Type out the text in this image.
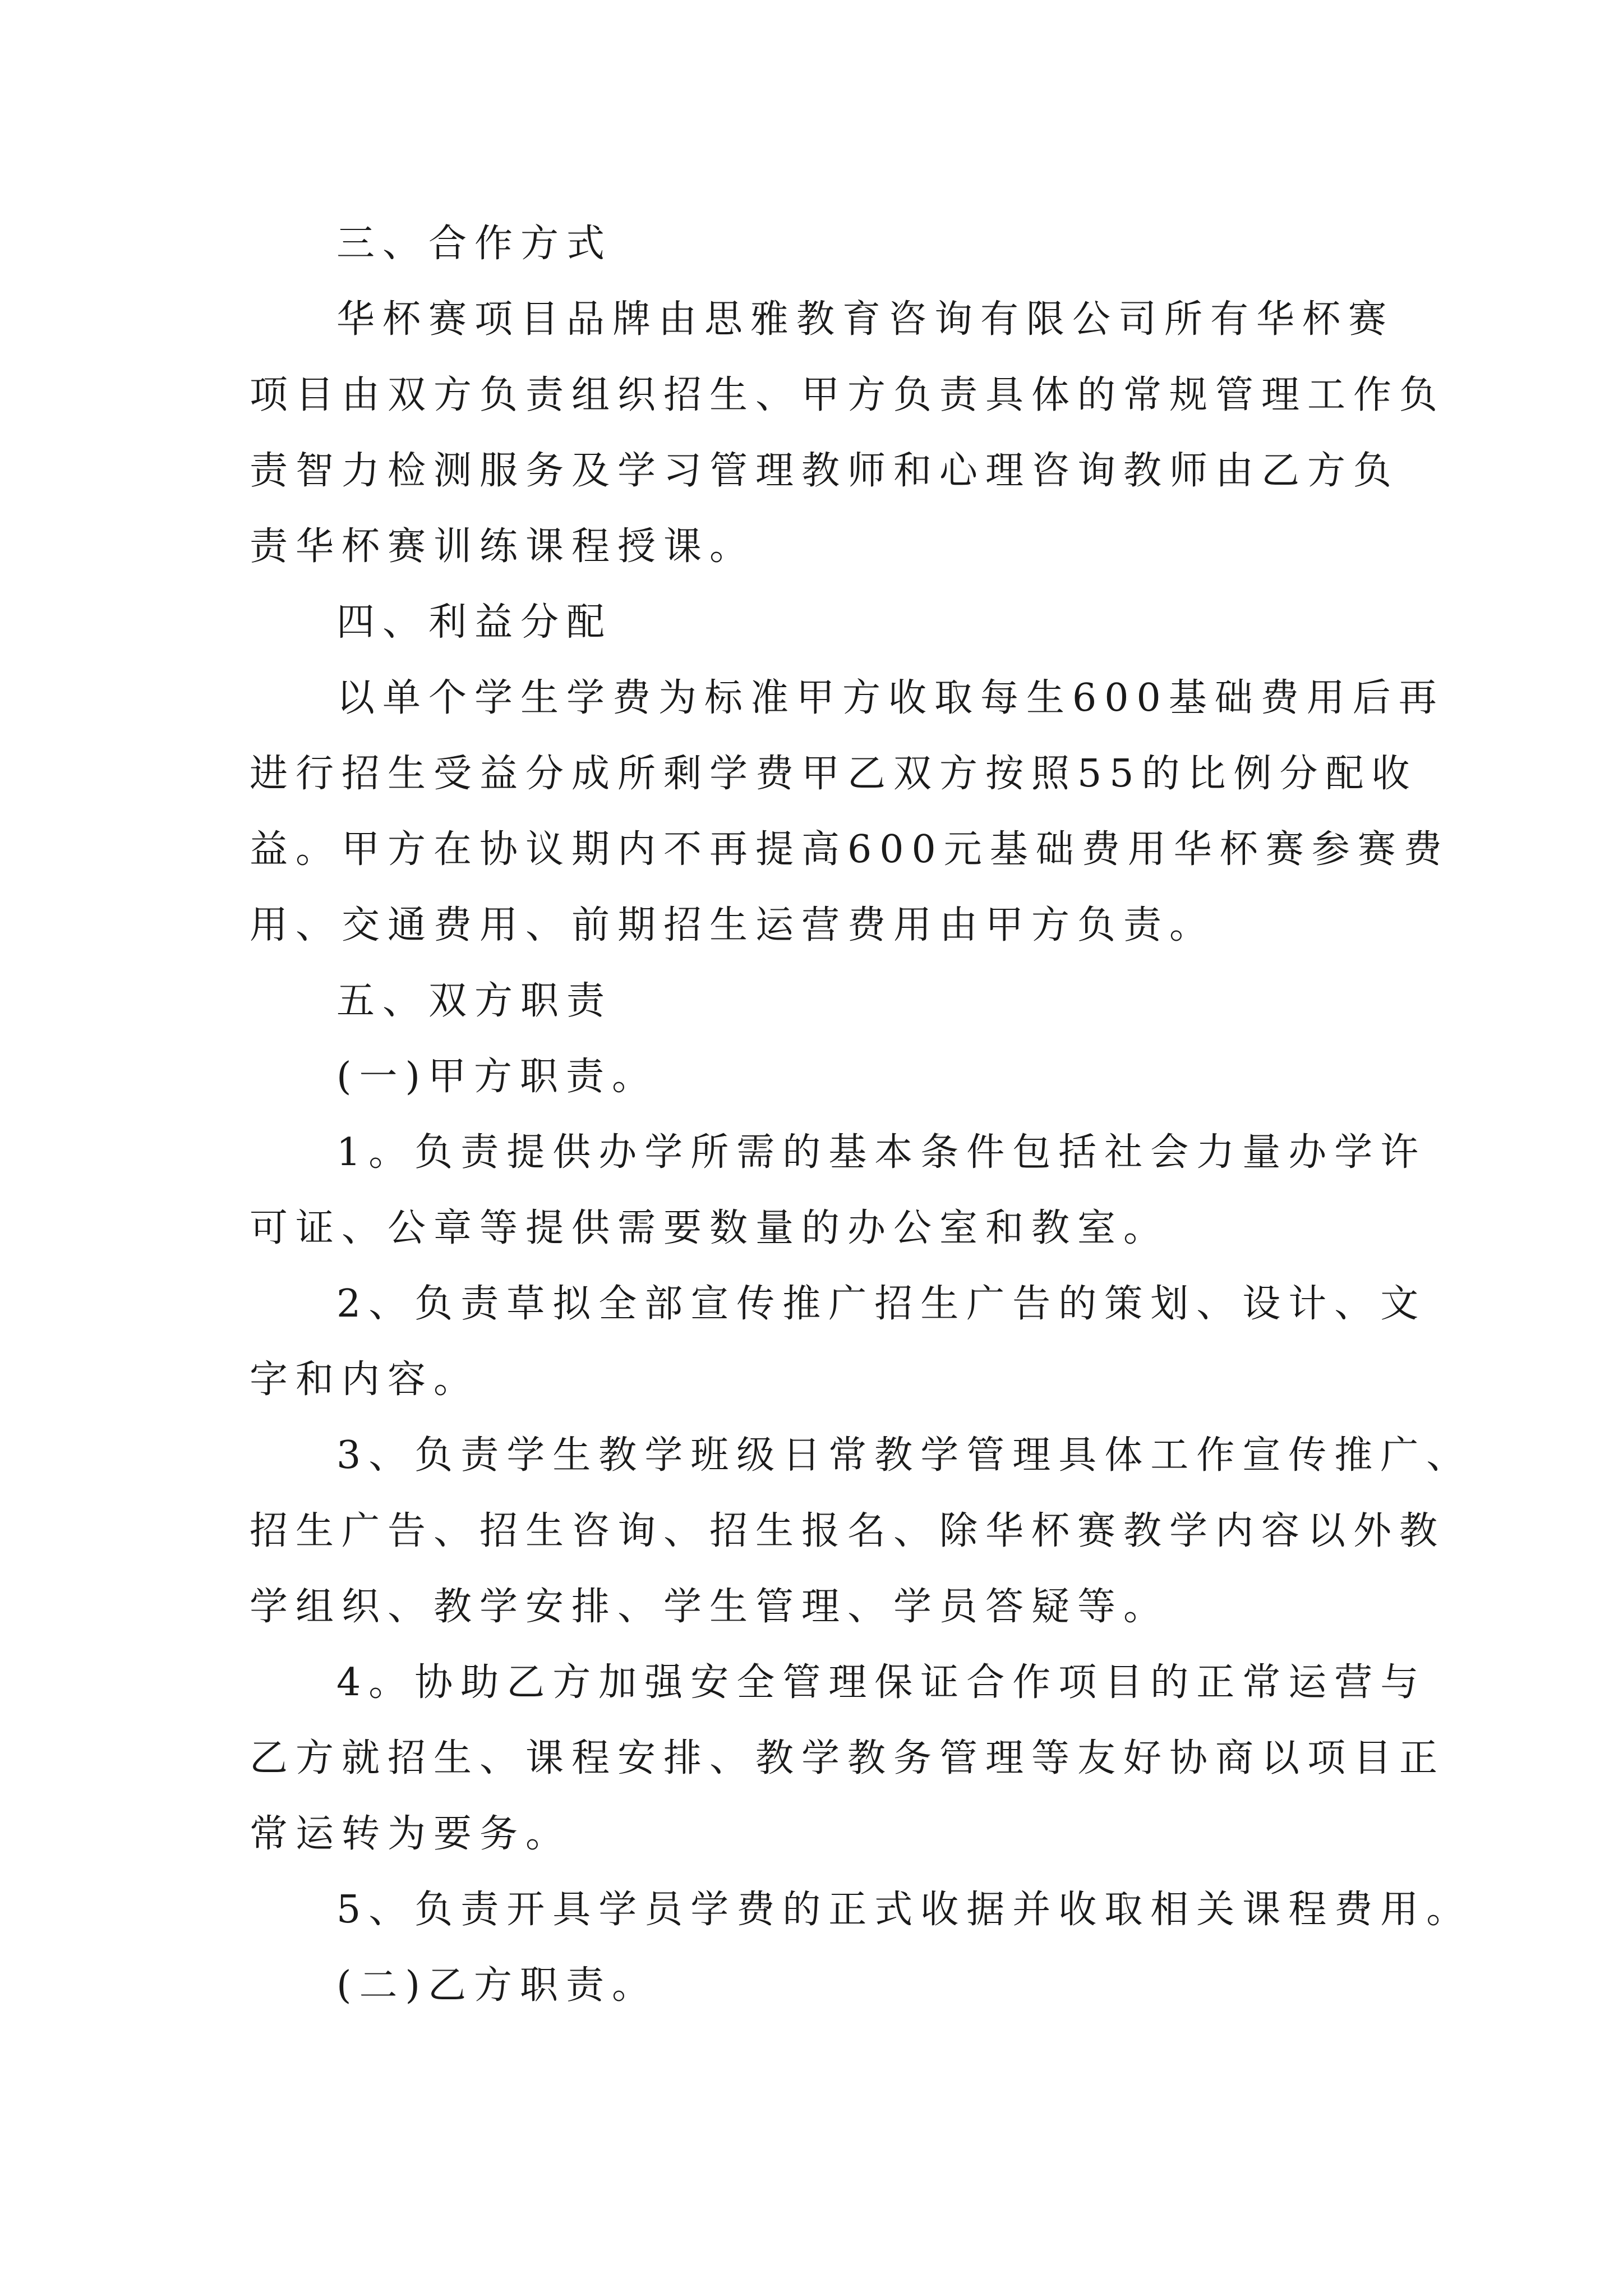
三、合作方式
华杯赛项目品牌由思雅教育咨询有限公司所有华杯赛
项目由双方负责组织招生、甲方负责具体的常规管理工作负
责智力检测服务及学习管理教师和心理咨询教师由乙方负
责华杯赛训练课程授课。
四、利益分配
以单个学生学费为标准甲方收取每生600基础费用后再
进行招生受益分成所剩学费甲乙双方按照55的比例分配收
益。甲方在协议期内不再提高600元基础费用华杯赛参赛费
用、交通费用、前期招生运营费用由甲方负责。
五、双方职责
(一)甲方职责。
1。负责提供办学所需的基本条件包括社会力量办学许
可证、公章等提供需要数量的办公室和教室。
2、负责草拟全部宣传推广招生广告的策划、设计、文
字和内容。
3、负责学生教学班级日常教学管理具体工作宣传推广、
招生广告、招生咨询、招生报名、除华杯赛教学内容以外教
学组织、教学安排、学生管理、学员答疑等。
4。协助乙方加强安全管理保证合作项目的正常运营与
乙方就招生、课程安排、教学教务管理等友好协商以项目正
常运转为要务。
5、负责开具学员学费的正式收据并收取相关课程费用。
(二)乙方职责。
